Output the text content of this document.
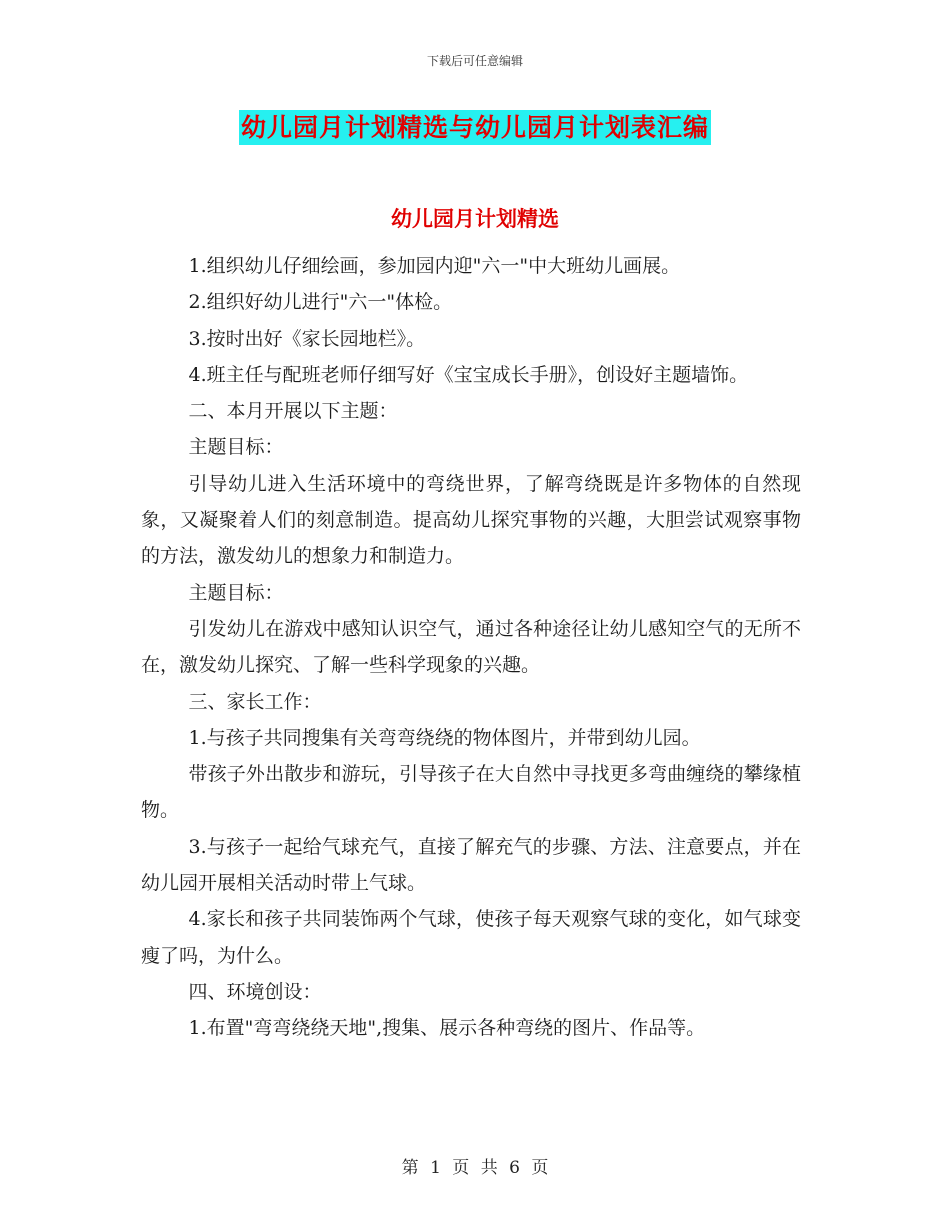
下载后可任意编辑
幼儿园月计划精选与幼儿园月计划表汇编
幼儿园月计划精选

1.组织幼儿仔细绘画，参加园内迎"六一"中大班幼儿画展。

2.组织好幼儿进行"六一"体检。

3.按时出好《家长园地栏》。

4.班主任与配班老师仔细写好《宝宝成长手册》，创设好主题墙饰。

二、本月开展以下主题：

主题目标：

引导幼儿进入生活环境中的弯绕世界，了解弯绕既是许多物体的自然现象，又凝聚着人们的刻意制造。提高幼儿探究事物的兴趣，大胆尝试观察事物的方法，激发幼儿的想象力和制造力。

主题目标：

引发幼儿在游戏中感知认识空气，通过各种途径让幼儿感知空气的无所不在，激发幼儿探究、了解一些科学现象的兴趣。

三、家长工作：

1.与孩子共同搜集有关弯弯绕绕的物体图片，并带到幼儿园。

带孩子外出散步和游玩，引导孩子在大自然中寻找更多弯曲缠绕的攀缘植物。

3.与孩子一起给气球充气，直接了解充气的步骤、方法、注意要点，并在幼儿园开展相关活动时带上气球。

4.家长和孩子共同装饰两个气球，使孩子每天观察气球的变化，如气球变瘦了吗，为什么。

四、环境创设：

1.布置"弯弯绕绕天地",搜集、展示各种弯绕的图片、作品等。

第 1 页 共 6 页
